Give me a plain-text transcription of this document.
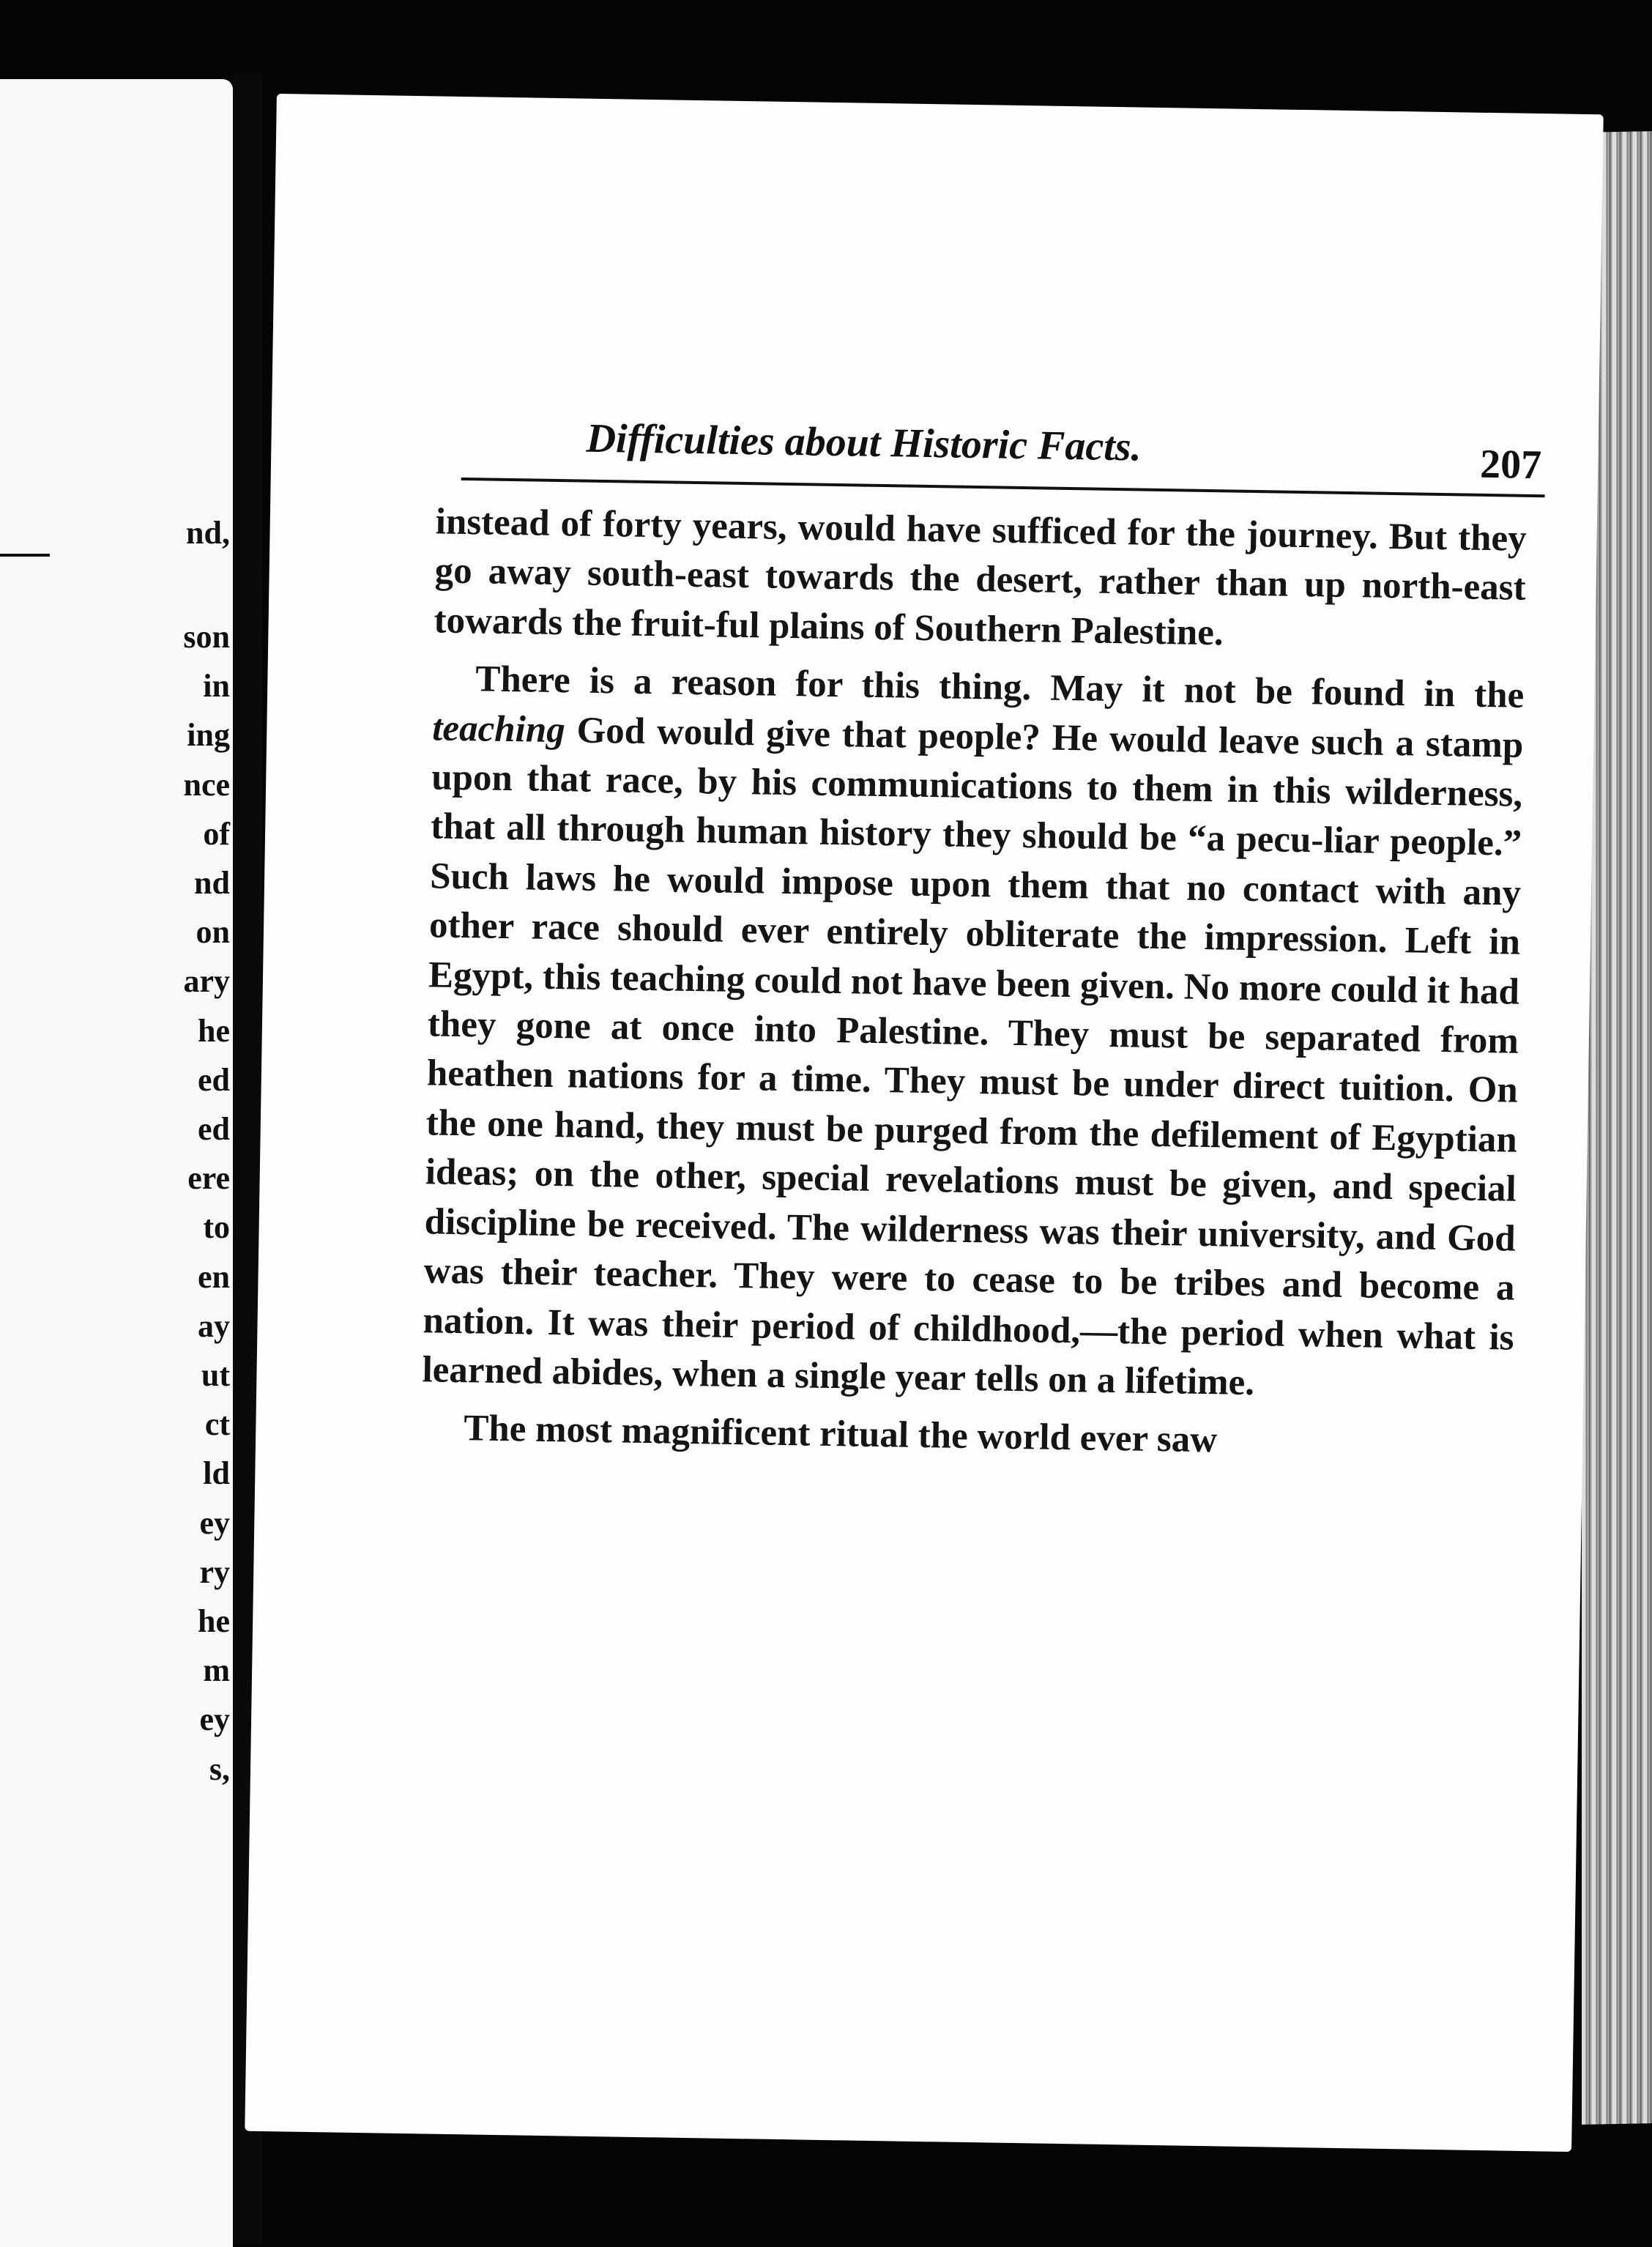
nd,
son
in
ing
nce
of
nd
on
ary
he
ed
ed
ere
to
en
ay
ut
ct
ld
ey
ry
he
m
ey
s,
Difficulties about Historic Facts.	207

instead of forty years, would have sufficed for the journey. But they go away south-east towards the desert, rather than up north-east towards the fruit-ful plains of Southern Palestine.

There is a reason for this thing. May it not be found in the teaching God would give that people? He would leave such a stamp upon that race, by his communications to them in this wilderness, that all through human history they should be “a pecu-liar people.” Such laws he would impose upon them that no contact with any other race should ever entirely obliterate the impression. Left in Egypt, this teaching could not have been given. No more could it had they gone at once into Palestine. They must be separated from heathen nations for a time. They must be under direct tuition. On the one hand, they must be purged from the defilement of Egyptian ideas; on the other, special revelations must be given, and special discipline be received. The wilderness was their university, and God was their teacher. They were to cease to be tribes and become a nation. It was their period of childhood,—the period when what is learned abides, when a single year tells on a lifetime.

The most magnificent ritual the world ever saw
